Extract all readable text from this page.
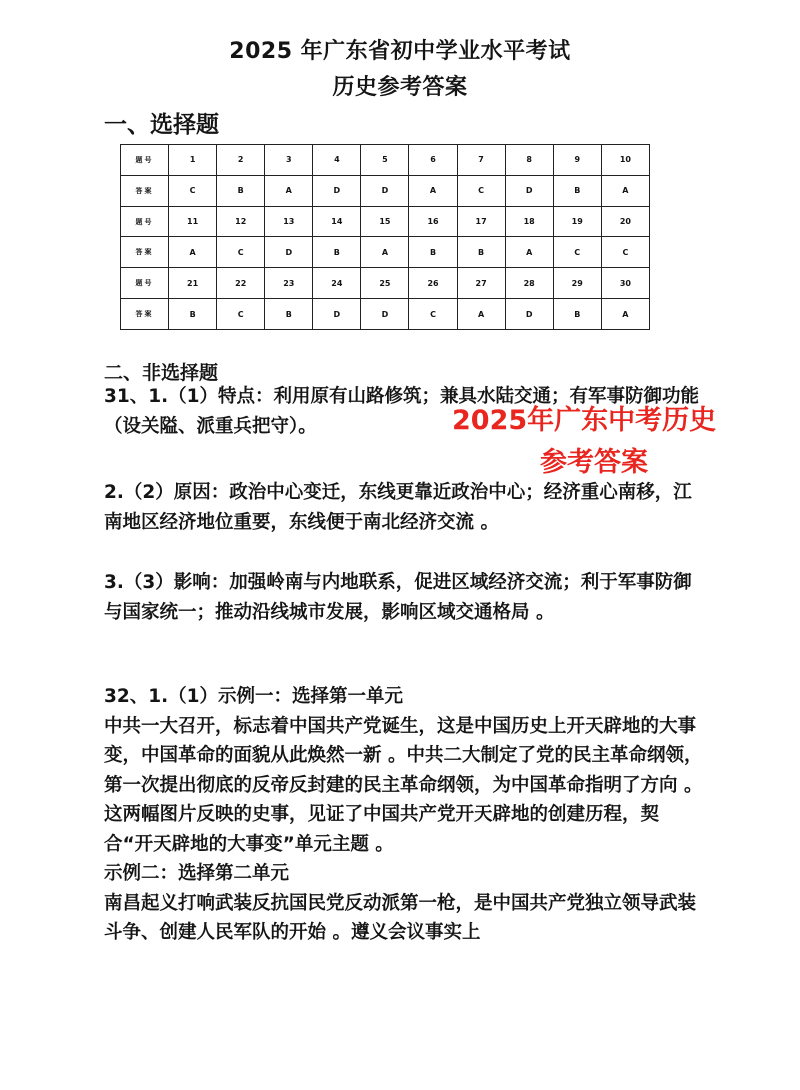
2025 年广东省初中学业水平考试
历史参考答案
一、选择题
题号	1	2	3	4	5	6	7	8	9	10
答案	C	B	A	D	D	A	C	D	B	A
题号	11	12	13	14	15	16	17	18	19	20
答案	A	C	D	B	A	B	B	A	C	C
题号	21	22	23	24	25	26	27	28	29	30
答案	B	C	B	D	D	C	A	D	B	A
二、非选择题
31、1.（1）特点：利用原有山路修筑；兼具水陆交通；有军事防御功能（设关隘、派重兵把守）。
2.（2）原因：政治中心变迁，东线更靠近政治中心；经济重心南移，江南地区经济地位重要，东线便于南北经济交流 。
3.（3）影响：加强岭南与内地联系，促进区域经济交流；利于军事防御与国家统一；推动沿线城市发展，影响区域交通格局 。
32、1.（1）示例一：选择第一单元
中共一大召开，标志着中国共产党诞生，这是中国历史上开天辟地的大事变，中国革命的面貌从此焕然一新 。中共二大制定了党的民主革命纲领，第一次提出彻底的反帝反封建的民主革命纲领，为中国革命指明了方向 。这两幅图片反映的史事，见证了中国共产党开天辟地的创建历程，契合“开天辟地的大事变”单元主题 。
示例二：选择第二单元
南昌起义打响武装反抗国民党反动派第一枪，是中国共产党独立领导武装斗争、创建人民军队的开始 。遵义会议事实上
2025年广东中考历史
参考答案
